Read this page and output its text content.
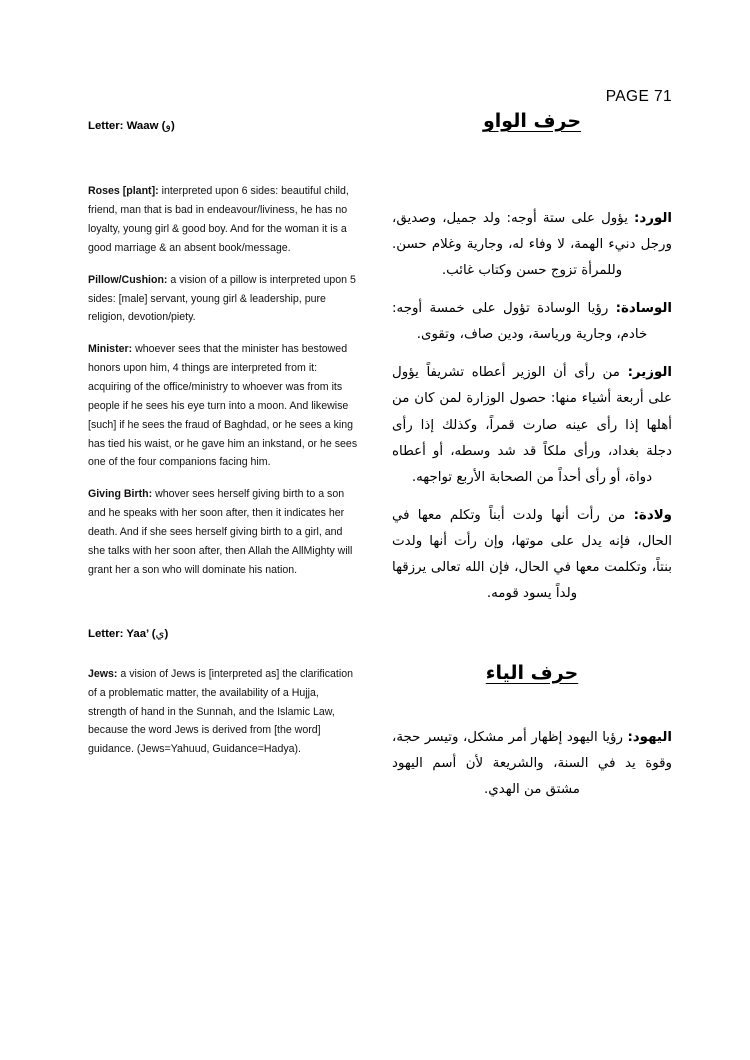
PAGE 71

Letter: Waaw (و)

Roses [plant]: interpreted upon 6 sides: beautiful child, friend, man that is bad in endeavour/liviness, he has no loyalty, young girl & good boy. And for the woman it is a good marriage & an absent book/message.

Pillow/Cushion: a vision of a pillow is interpreted upon 5 sides: [male] servant, young girl & leadership, pure religion, devotion/piety.

Minister: whoever sees that the minister has bestowed honors upon him, 4 things are interpreted from it: acquiring of the office/ministry to whoever was from its people if he sees his eye turn into a moon. And likewise [such] if he sees the fraud of Baghdad, or he sees a king has tied his waist, or he gave him an inkstand, or he sees one of the four companions facing him.

Giving Birth: whover sees herself giving birth to a son and he speaks with her soon after, then it indicates her death. And if she sees herself giving birth to a girl, and she talks with her soon after, then Allah the AllMighty will grant her a son who will dominate his nation.

Letter: Yaa’ (ي)

Jews: a vision of Jews is [interpreted as] the clarification of a problematic matter, the availability of a Hujja, strength of hand in the Sunnah, and the Islamic Law, because the word Jews is derived from [the word] guidance. (Jews=Yahuud, Guidance=Hadya).

حرف الواو

الورد: يؤول على ستة أوجه: ولد جميل، وصديق، ورجل دنيء الهمة، لا وفاء له، وجارية وغلام حسن. وللمرأة تزوج حسن وكتاب غائب.

الوسادة: رؤيا الوسادة تؤول على خمسة أوجه: خادم، وجارية ورياسة، ودين صاف، وتقوى.

الوزير: من رأى أن الوزير أعطاه تشريفاً يؤول على أربعة أشياء منها: حصول الوزارة لمن كان من أهلها إذا رأى عينه صارت قمراً، وكذلك إذا رأى دجلة بغداد، ورأى ملكاً قد شد وسطه، أو أعطاه دواة، أو رأى أحداً من الصحابة الأربع تواجهه.

ولادة: من رأت أنها ولدت أبناً وتكلم معها في الحال، فإنه يدل على موتها، وإن رأت أنها ولدت بنتاً، وتكلمت معها في الحال، فإن الله تعالى يرزقها ولداً يسود قومه.

حرف الياء

اليهود: رؤيا اليهود إظهار أمر مشكل، وتيسر حجة، وقوة يد في السنة، والشريعة لأن أسم اليهود مشتق من الهدي.
